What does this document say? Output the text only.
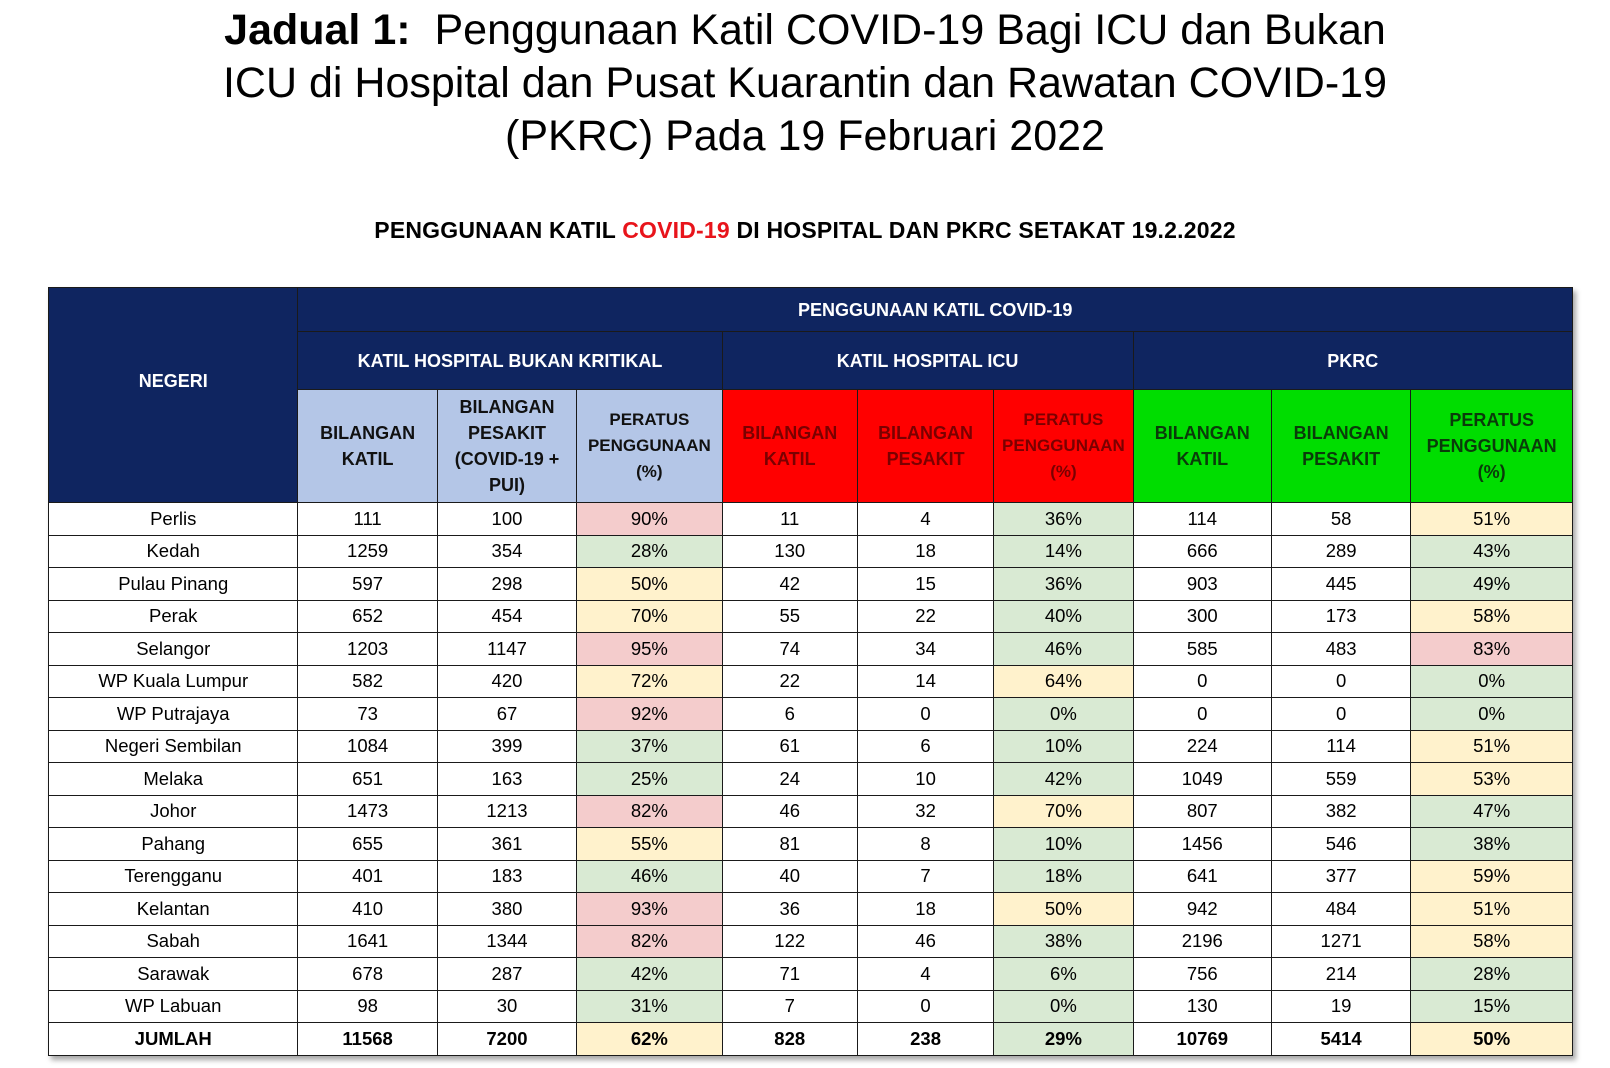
Jadual 1: Penggunaan Katil COVID-19 Bagi ICU dan Bukan
ICU di Hospital dan Pusat Kuarantin dan Rawatan COVID-19
(PKRC) Pada 19 Februari 2022
PENGGUNAAN KATIL COVID-19 DI HOSPITAL DAN PKRC SETAKAT 19.2.2022
NEGERI	PENGGUNAAN KATIL COVID-19								
	KATIL HOSPITAL BUKAN KRITIKAL			KATIL HOSPITAL ICU			PKRC		
	BILANGAN KATIL	BILANGAN PESAKIT (COVID-19 + PUI)	PERATUS PENGGUNAAN (%)	BILANGAN KATIL	BILANGAN PESAKIT	PERATUS PENGGUNAAN (%)	BILANGAN KATIL	BILANGAN PESAKIT	PERATUS PENGGUNAAN (%)
Perlis	111	100	90%	11	4	36%	114	58	51%
Kedah	1259	354	28%	130	18	14%	666	289	43%
Pulau Pinang	597	298	50%	42	15	36%	903	445	49%
Perak	652	454	70%	55	22	40%	300	173	58%
Selangor	1203	1147	95%	74	34	46%	585	483	83%
WP Kuala Lumpur	582	420	72%	22	14	64%	0	0	0%
WP Putrajaya	73	67	92%	6	0	0%	0	0	0%
Negeri Sembilan	1084	399	37%	61	6	10%	224	114	51%
Melaka	651	163	25%	24	10	42%	1049	559	53%
Johor	1473	1213	82%	46	32	70%	807	382	47%
Pahang	655	361	55%	81	8	10%	1456	546	38%
Terengganu	401	183	46%	40	7	18%	641	377	59%
Kelantan	410	380	93%	36	18	50%	942	484	51%
Sabah	1641	1344	82%	122	46	38%	2196	1271	58%
Sarawak	678	287	42%	71	4	6%	756	214	28%
WP Labuan	98	30	31%	7	0	0%	130	19	15%
JUMLAH	11568	7200	62%	828	238	29%	10769	5414	50%
